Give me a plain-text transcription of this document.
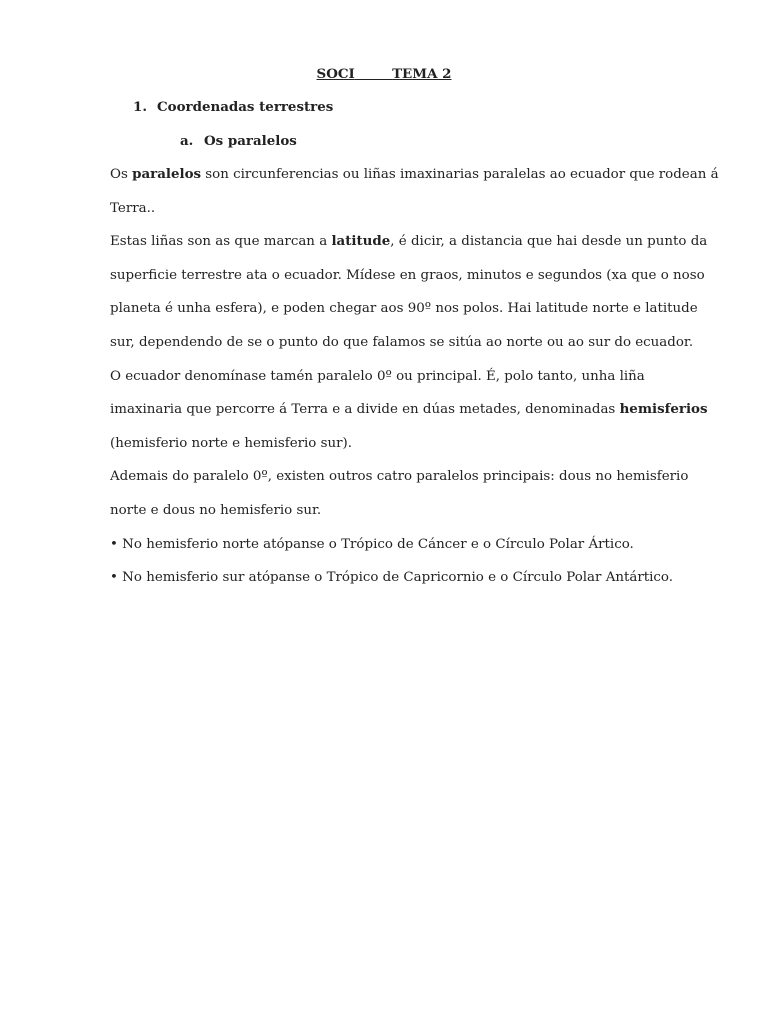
SOCI	TEMA 2
1. Coordenadas terrestres
a. Os paralelos

Os paralelos son circunferencias ou liñas imaxinarias paralelas ao ecuador que rodean á

Terra..

Estas liñas son as que marcan a latitude, é dicir, a distancia que hai desde un punto da

superficie terrestre ata o ecuador. Mídese en graos, minutos e segundos (xa que o noso

planeta é unha esfera), e poden chegar aos 90º nos polos. Hai latitude norte e latitude

sur, dependendo de se o punto do que falamos se sitúa ao norte ou ao sur do ecuador.

O ecuador denomínase tamén paralelo 0º ou principal. É, polo tanto, unha liña

imaxinaria que percorre á Terra e a divide en dúas metades, denominadas hemisferios

(hemisferio norte e hemisferio sur).

Ademais do paralelo 0º, existen outros catro paralelos principais: dous no hemisferio

norte e dous no hemisferio sur.

• No hemisferio norte atópanse o Trópico de Cáncer e o Círculo Polar Ártico.

• No hemisferio sur atópanse o Trópico de Capricornio e o Círculo Polar Antártico.
